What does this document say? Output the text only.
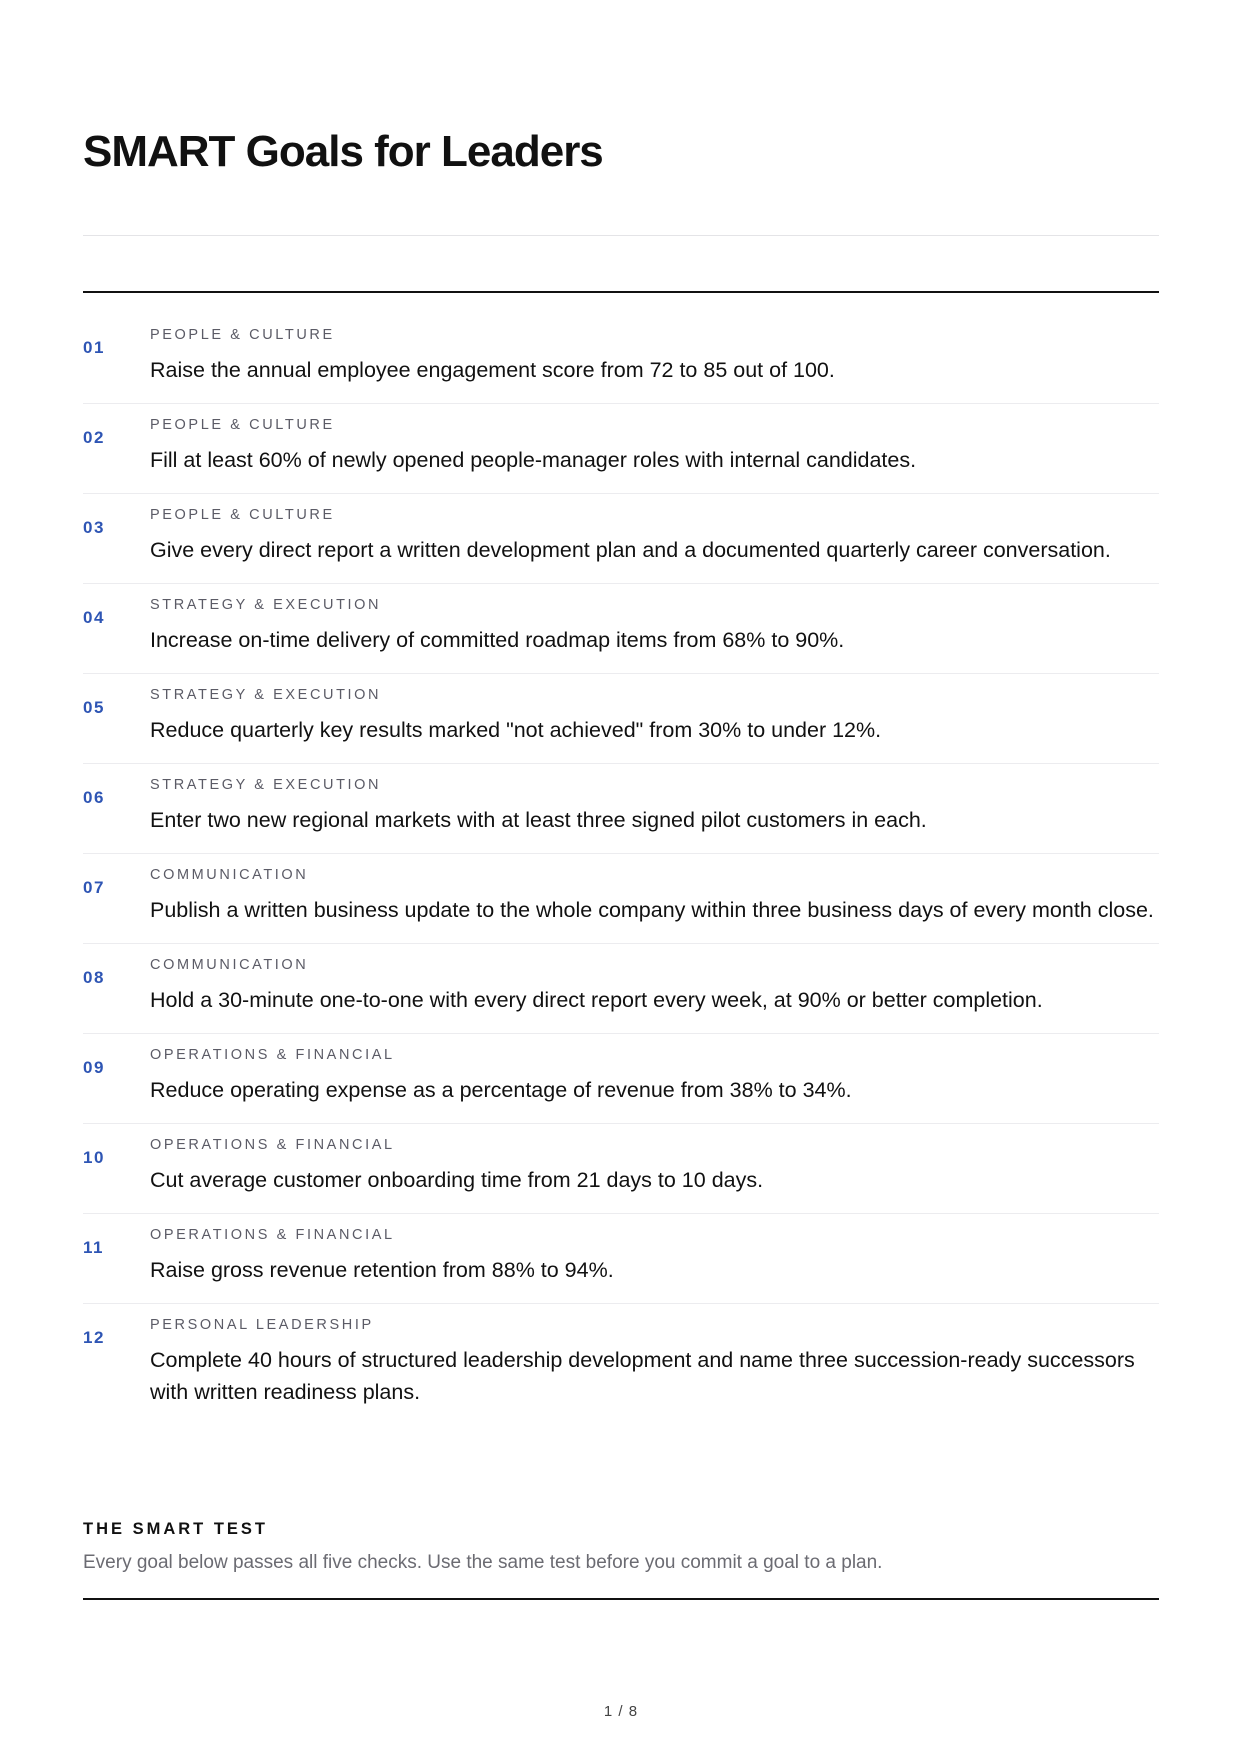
SMART Goals for Leaders
01
PEOPLE & CULTURE
Raise the annual employee engagement score from 72 to 85 out of 100.
02
PEOPLE & CULTURE
Fill at least 60% of newly opened people-manager roles with internal candidates.
03
PEOPLE & CULTURE
Give every direct report a written development plan and a documented quarterly career conversation.
04
STRATEGY & EXECUTION
Increase on-time delivery of committed roadmap items from 68% to 90%.
05
STRATEGY & EXECUTION
Reduce quarterly key results marked "not achieved" from 30% to under 12%.
06
STRATEGY & EXECUTION
Enter two new regional markets with at least three signed pilot customers in each.
07
COMMUNICATION
Publish a written business update to the whole company within three business days of every month close.
08
COMMUNICATION
Hold a 30-minute one-to-one with every direct report every week, at 90% or better completion.
09
OPERATIONS & FINANCIAL
Reduce operating expense as a percentage of revenue from 38% to 34%.
10
OPERATIONS & FINANCIAL
Cut average customer onboarding time from 21 days to 10 days.
11
OPERATIONS & FINANCIAL
Raise gross revenue retention from 88% to 94%.
12
PERSONAL LEADERSHIP
Complete 40 hours of structured leadership development and name three succession-ready successors with written readiness plans.
THE SMART TEST
Every goal below passes all five checks. Use the same test before you commit a goal to a plan.
1 / 8
